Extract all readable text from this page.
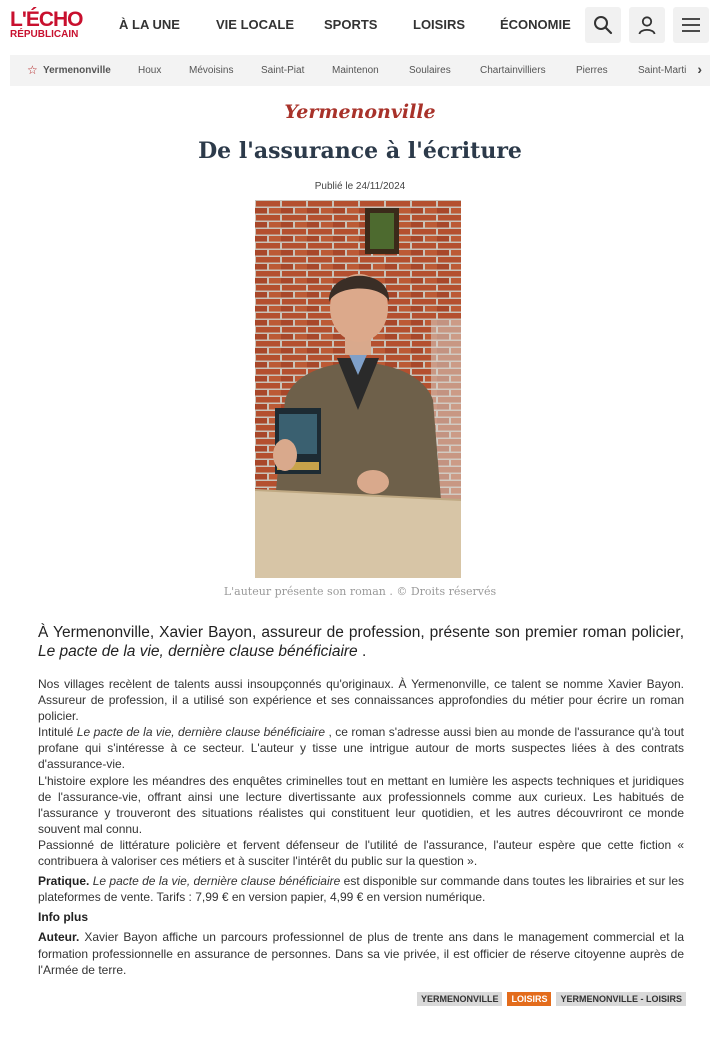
L'ÉCHO
RÉPUBLICAIN
À LA UNE	VIE LOCALE SPORTS	LOISIRS	ÉCONOMIE
☆ Yermenonville	Houx	Mévoisins	Saint-Piat	Maintenon	Soulaires	Chartainvilliers	Pierres	Saint-Marti ›
Yermenonville
De l'assurance à l'écriture
Publié le 24/11/2024
L'auteur présente son roman . © Droits réservés
À Yermenonville, Xavier Bayon, assureur de profession, présente son premier roman policier, Le pacte de la vie, dernière clause bénéficiaire .

Nos villages recèlent de talents aussi insoupçonnés qu'originaux. À Yermenonville, ce talent se nomme Xavier Bayon. Assureur de profession, il a utilisé son expérience et ses connaissances approfondies du métier pour écrire un roman policier.

Intitulé Le pacte de la vie, dernière clause bénéficiaire , ce roman s'adresse aussi bien au monde de l'assurance qu'à tout profane qui s'intéresse à ce secteur. L'auteur y tisse une intrigue autour de morts suspectes liées à des contrats d'assurance-vie.

L'histoire explore les méandres des enquêtes criminelles tout en mettant en lumière les aspects techniques et juridiques de l'assurance-vie, offrant ainsi une lecture divertissante aux professionnels comme aux curieux. Les habitués de l'assurance y trouveront des situations réalistes qui constituent leur quotidien, et les autres découvriront ce monde souvent mal connu.

Passionné de littérature policière et fervent défenseur de l'utilité de l'assurance, l'auteur espère que cette fiction « contribuera à valoriser ces métiers et à susciter l'intérêt du public sur la question ».

Pratique. Le pacte de la vie, dernière clause bénéficiaire est disponible sur commande dans toutes les librairies et sur les plateformes de vente. Tarifs : 7,99 € en version papier, 4,99 € en version numérique.

Info plus

Auteur. Xavier Bayon affiche un parcours professionnel de plus de trente ans dans le management commercial et la formation professionnelle en assurance de personnes. Dans sa vie privée, il est officier de réserve citoyenne auprès de l'Armée de terre.

YERMENONVILLE LOISIRS YERMENONVILLE - LOISIRS
